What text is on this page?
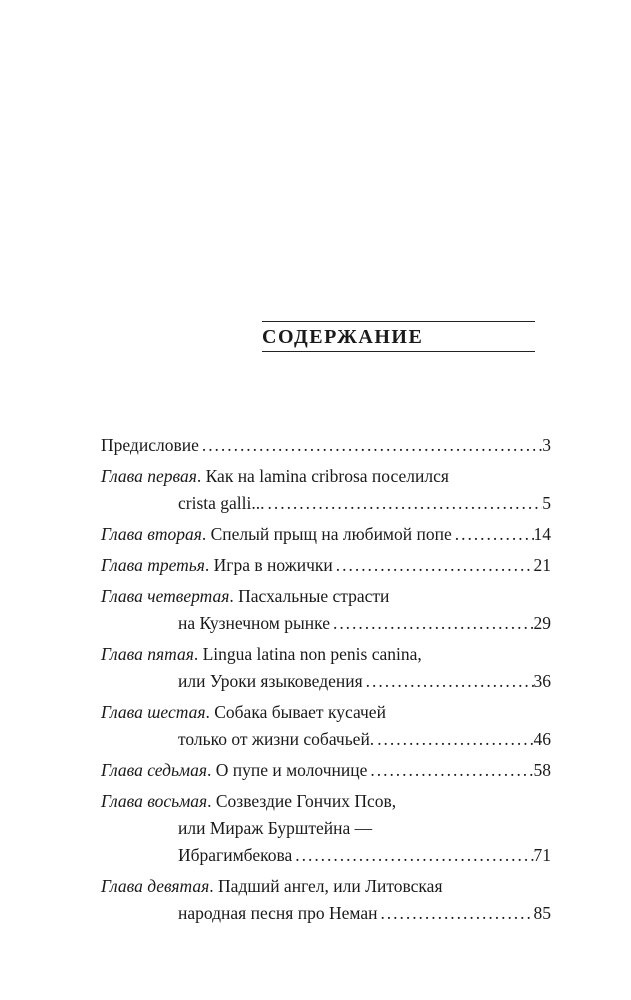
СОДЕРЖАНИЕ
Предисловие . . .	3
Глава первая . Как на lamina cribrosa поселился
crista galli... . . .	5
Глава вторая . Спелый прыщ на любимой попе . . .	14
Глава третья . Игра в ножички . . .	21
Глава четвертая . Пасхальные страсти
на Кузнечном рынке . . .	29
Глава пятая . Lingua latina non penis canina,
или Уроки языковедения . . .	36
Глава шестая . Собака бывает кусачей
только от жизни собачьей. . . .	46
Глава седьмая . О пупе и молочнице . . .	58
Глава восьмая . Созвездие Гончих Псов,
или Мираж Бурштейна —
Ибрагимбекова . . .	71
Глава девятая . Падший ангел, или Литовская
народная песня про Неман . . .	85
